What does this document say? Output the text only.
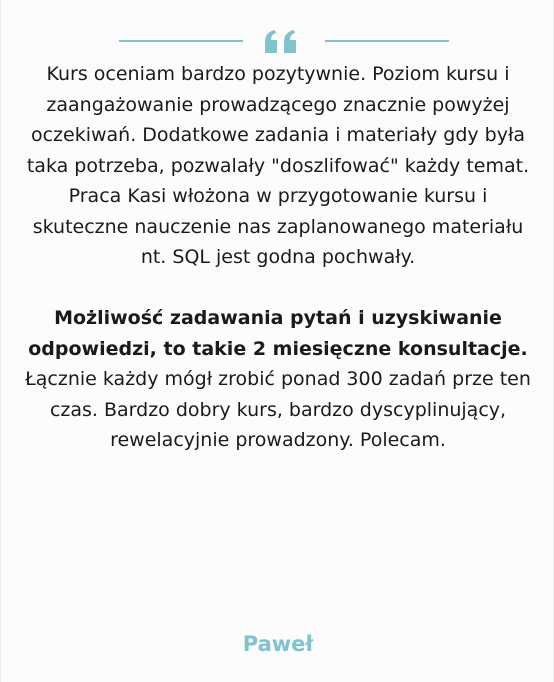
Kurs oceniam bardzo pozytywnie. Poziom kursu i zaangażowanie prowadzącego znacznie powyżej oczekiwań. Dodatkowe zadania i materiały gdy była taka potrzeba, pozwalały "doszlifować" każdy temat. Praca Kasi włożona w przygotowanie kursu i skuteczne nauczenie nas zaplanowanego materiału nt. SQL jest godna pochwały.

Możliwość zadawania pytań i uzyskiwanie odpowiedzi, to takie 2 miesięczne konsultacje. Łącznie każdy mógł zrobić ponad 300 zadań prze ten czas. Bardzo dobry kurs, bardzo dyscyplinujący, rewelacyjnie prowadzony. Polecam.

Paweł
